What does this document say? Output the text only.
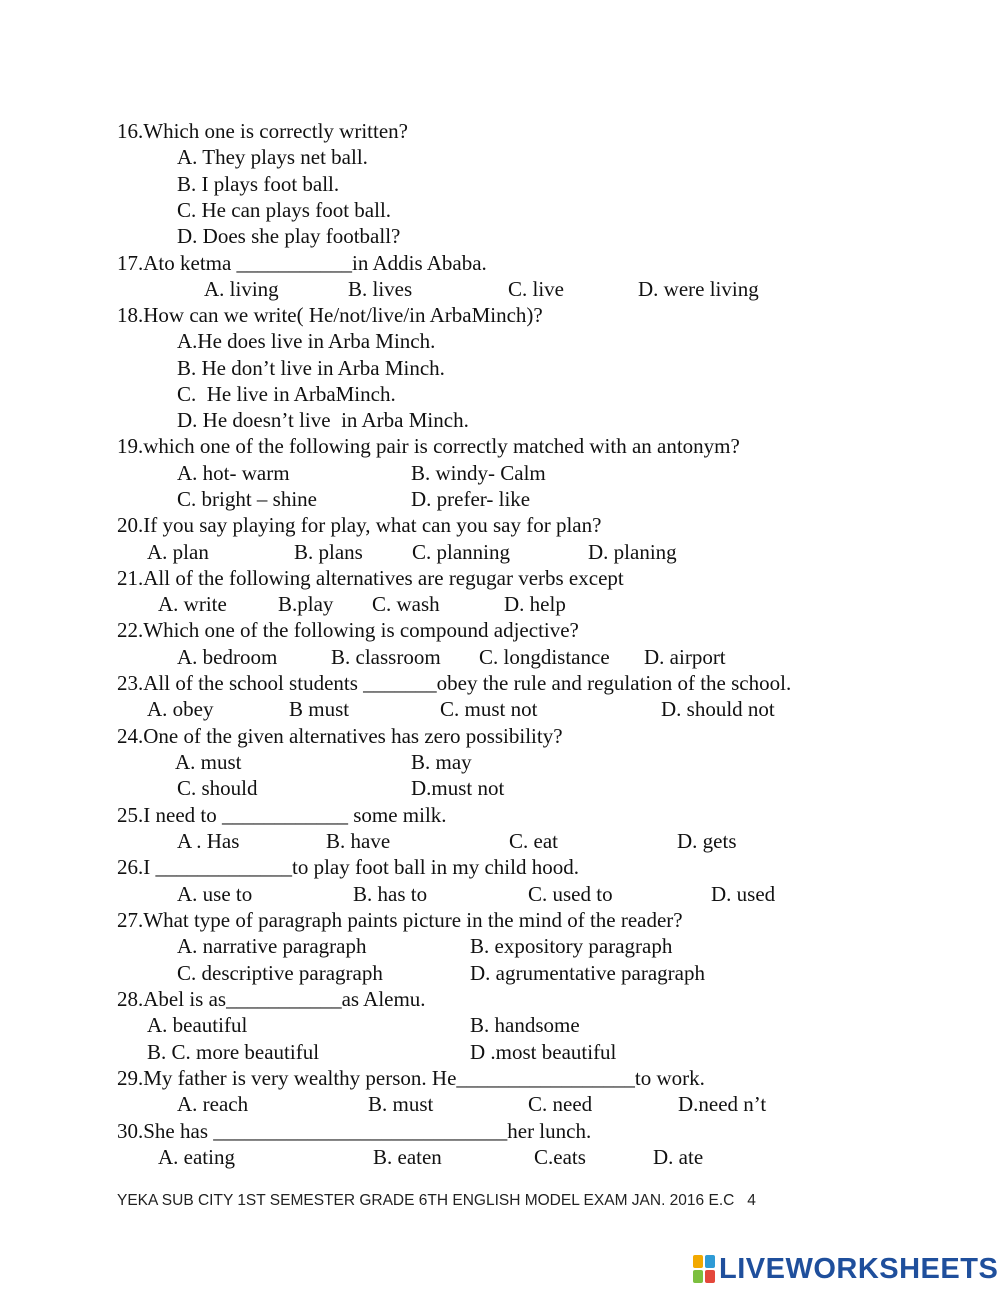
16.Which one is correctly written?
A. They plays net ball.
B. I plays foot ball.
C. He can plays foot ball.
D. Does she play football?
17.Ato ketma ___________in Addis Ababa.
A. living	B. lives	C. live	D. were living
18.How can we write( He/not/live/in ArbaMinch)?
A.He does live in Arba Minch.
B. He don’t live in Arba Minch.
C.  He live in ArbaMinch.
D. He doesn’t live  in Arba Minch.
19.which one of the following pair is correctly matched with an antonym?
A. hot- warm	B. windy- Calm
C. bright – shine	D. prefer- like
20.If you say playing for play, what can you say for plan?
A. plan	B. plans C. planning	D. planing
21.All of the following alternatives are regugar verbs except
A. write B.play C. wash	D. help
22.Which one of the following is compound adjective?
A. bedroom	B. classroom C. longdistance D. airport
23.All of the school students _______obey the rule and regulation of the school.
A. obey	B must	C. must not	D. should not
24.One of the given alternatives has zero possibility?
A. must	B. may
C. should	D.must not
25.I need to ____________ some milk.
A . Has	B. have	C. eat	D. gets
26.I _____________to play foot ball in my child hood.
A. use to	B. has to	C. used to	D. used
27.What type of paragraph paints picture in the mind of the reader?
A. narrative paragraph	B. expository paragraph
C. descriptive paragraph	D. agrumentative paragraph
28.Abel is as___________as Alemu.
A. beautiful	B. handsome
B. C. more beautiful	D .most beautiful
29.My father is very wealthy person. He_________________to work.
A. reach	B. must	C. need	D.need n’t
30.She has ____________________________her lunch.
A. eating	B. eaten	C.eats	D. ate
YEKA SUB CITY 1ST SEMESTER GRADE 6TH ENGLISH MODEL EXAM JAN. 2016 E.C   4
LIVEWORKSHEETS
